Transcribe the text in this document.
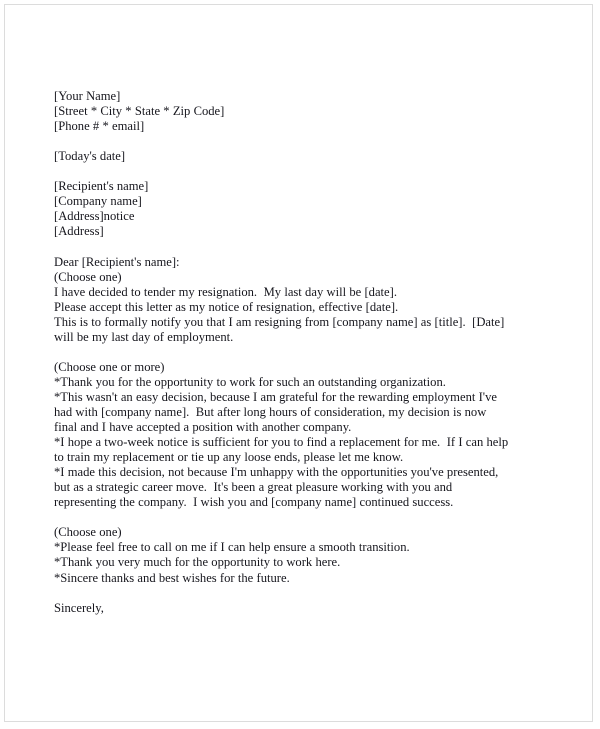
[Your Name]
[Street * City * State * Zip Code]
[Phone # * email]
[Today's date]
[Recipient's name]
[Company name]
[Address]notice
[Address]
Dear [Recipient's name]:
(Choose one)
I have decided to tender my resignation.  My last day will be [date].
Please accept this letter as my notice of resignation, effective [date].
This is to formally notify you that I am resigning from [company name] as [title].  [Date]
will be my last day of employment.
(Choose one or more)
*Thank you for the opportunity to work for such an outstanding organization.
*This wasn't an easy decision, because I am grateful for the rewarding employment I've
had with [company name].  But after long hours of consideration, my decision is now
final and I have accepted a position with another company.
*I hope a two-week notice is sufficient for you to find a replacement for me.  If I can help
to train my replacement or tie up any loose ends, please let me know.
*I made this decision, not because I'm unhappy with the opportunities you've presented,
but as a strategic career move.  It's been a great pleasure working with you and
representing the company.  I wish you and [company name] continued success.
(Choose one)
*Please feel free to call on me if I can help ensure a smooth transition.
*Thank you very much for the opportunity to work here.
*Sincere thanks and best wishes for the future.
Sincerely,
